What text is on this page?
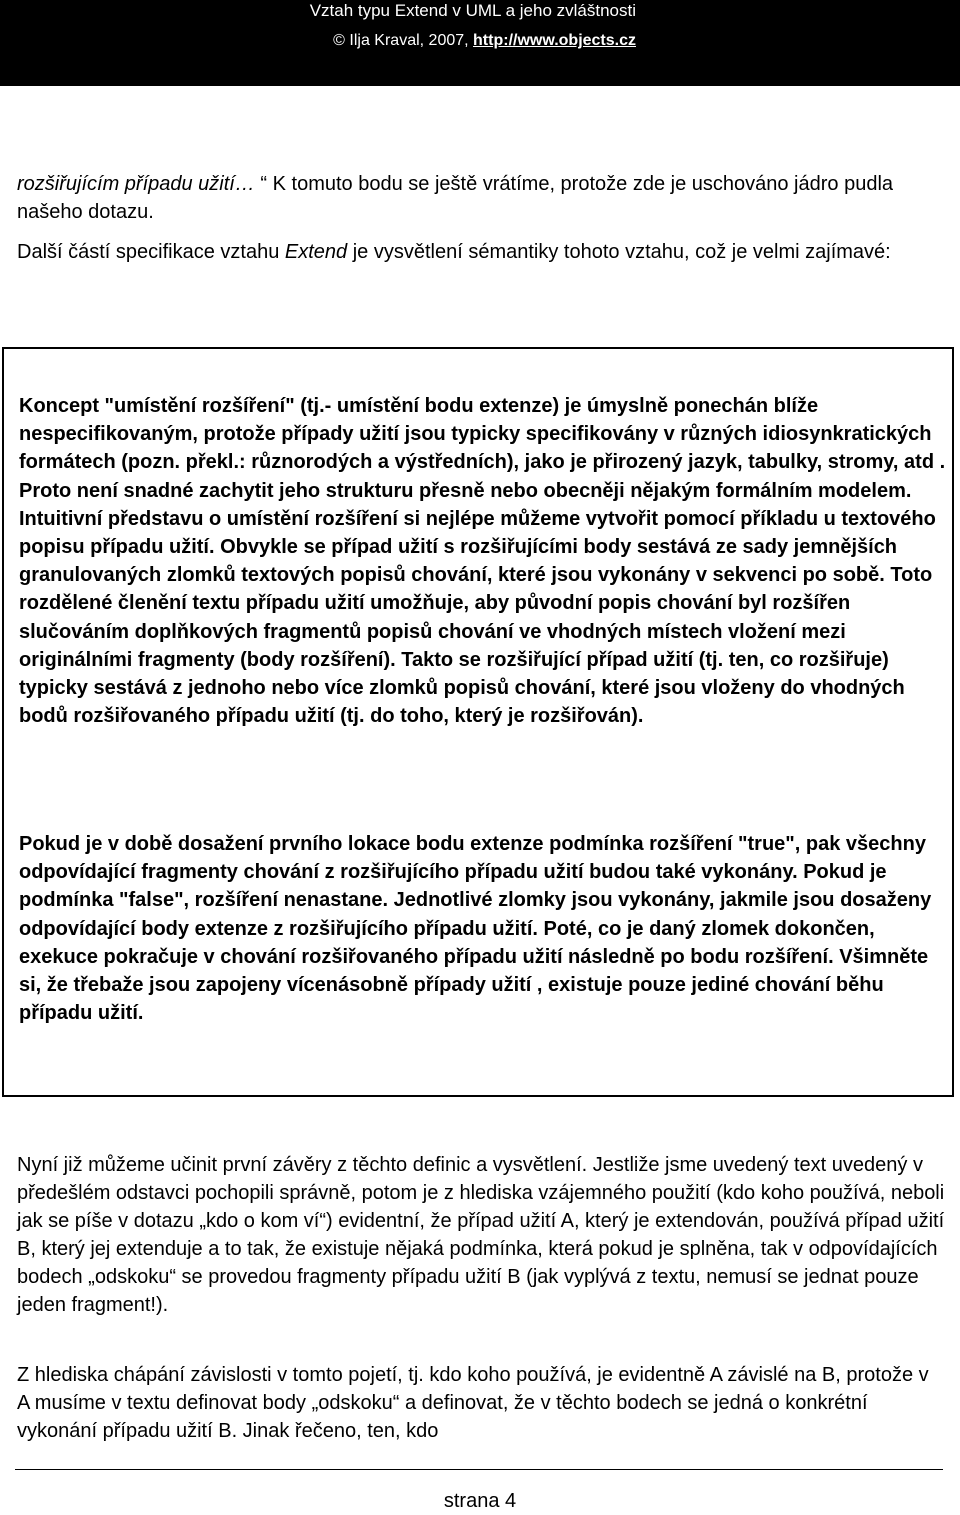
Vztah typu Extend v UML a jeho zvláštnosti
© Ilja Kraval, 2007, http://www.objects.cz

rozšiřujícím případu užití… “ K tomuto bodu se ještě vrátíme, protože zde je uschováno jádro pudla našeho dotazu.

Další částí specifikace vztahu Extend je vysvětlení sémantiky tohoto vztahu, což je velmi zajímavé:

Koncept "umístění rozšíření" (tj.- umístění bodu extenze) je úmyslně ponechán blíže nespecifikovaným, protože případy užití jsou typicky specifikovány v různých idiosynkratických formátech (pozn. překl.: různorodých a výstředních), jako je přirozený jazyk, tabulky, stromy, atd . Proto není snadné zachytit jeho strukturu přesně nebo obecněji nějakým formálním modelem. Intuitivní představu o umístění rozšíření si nejlépe můžeme vytvořit pomocí příkladu u textového popisu případu užití. Obvykle se případ užití s rozšiřujícími body sestává ze sady jemnějších granulovaných zlomků textových popisů chování, které jsou vykonány v sekvenci po sobě. Toto rozdělené členění textu případu užití umožňuje, aby původní popis chování byl rozšířen slučováním doplňkových fragmentů popisů chování ve vhodných místech vložení mezi originálními fragmenty (body rozšíření). Takto se rozšiřující případ užití (tj. ten, co rozšiřuje) typicky sestává z jednoho nebo více zlomků popisů chování, které jsou vloženy do vhodných bodů rozšiřovaného případu užití (tj. do toho, který je rozšiřován).

Pokud je v době dosažení prvního lokace bodu extenze podmínka rozšíření "true", pak všechny odpovídající fragmenty chování z rozšiřujícího případu užití budou také vykonány. Pokud je podmínka "false", rozšíření nenastane. Jednotlivé zlomky jsou vykonány, jakmile jsou dosaženy odpovídající body extenze z rozšiřujícího případu užití. Poté, co je daný zlomek dokončen, exekuce pokračuje v chování rozšiřovaného případu užití následně po bodu rozšíření. Všimněte si, že třebaže jsou zapojeny vícenásobně případy užití , existuje pouze jediné chování běhu případu užití.

Nyní již můžeme učinit první závěry z těchto definic a vysvětlení. Jestliže jsme uvedený text uvedený v předešlém odstavci pochopili správně, potom je z hlediska vzájemného použití (kdo koho používá, neboli jak se píše v dotazu „kdo o kom ví“) evidentní, že případ užití A, který je extendován, používá případ užití B, který jej extenduje a to tak, že existuje nějaká podmínka, která pokud je splněna, tak v odpovídajících bodech „odskoku“ se provedou fragmenty případu užití B (jak vyplývá z textu, nemusí se jednat pouze jeden fragment!).

Z hlediska chápání závislosti v tomto pojetí, tj. kdo koho používá, je evidentně A závislé na B, protože v A musíme v textu definovat body „odskoku“ a definovat, že v těchto bodech se jedná o konkrétní vykonání případu užití B. Jinak řečeno, ten, kdo

strana 4
